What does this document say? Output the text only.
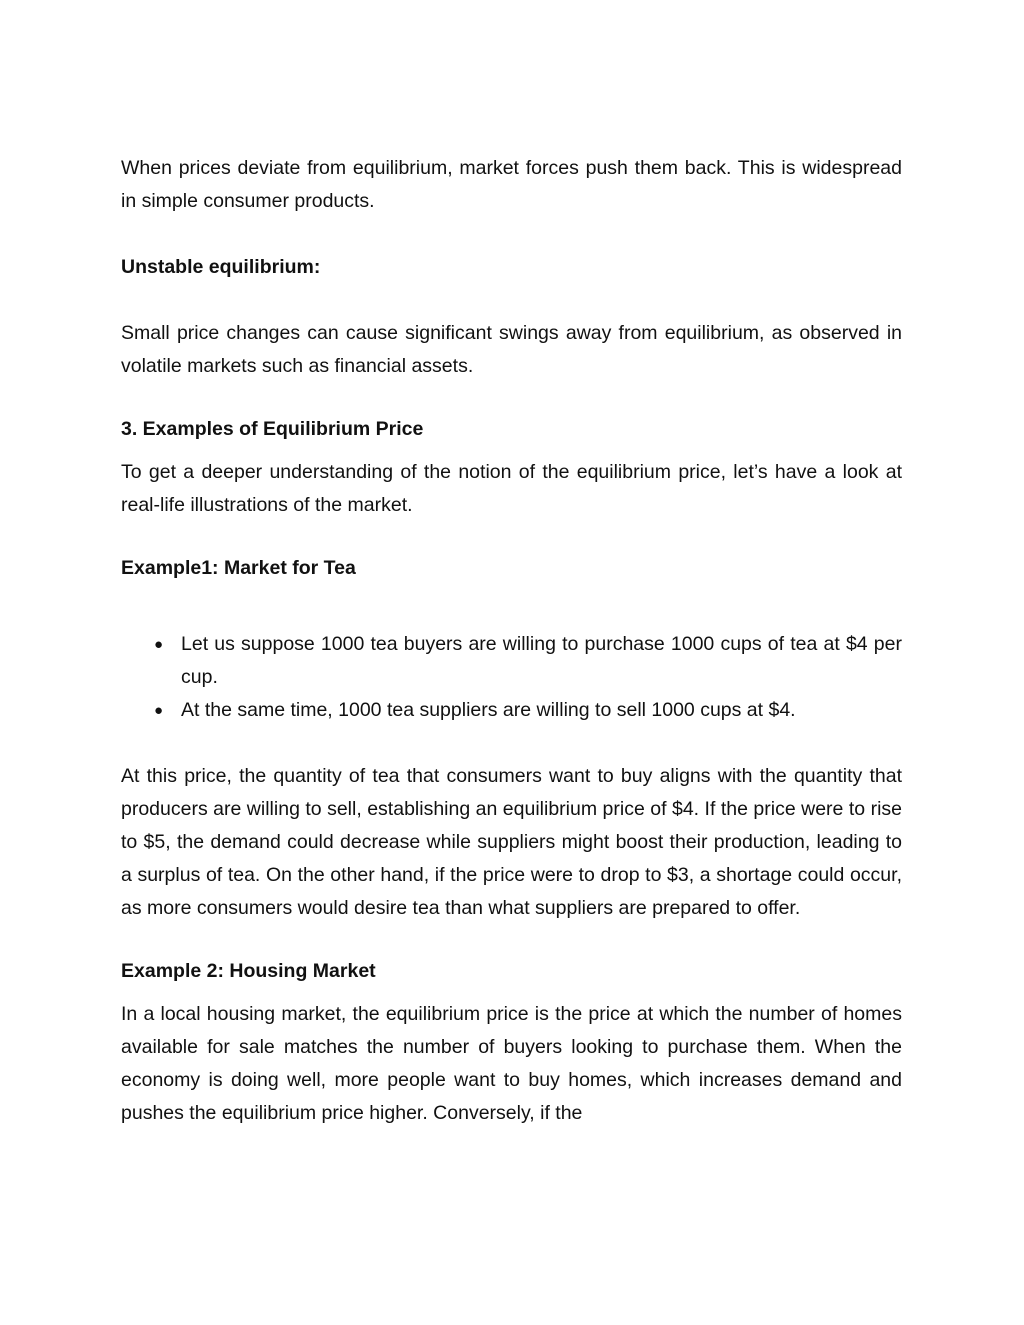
When prices deviate from equilibrium, market forces push them back. This is widespread in simple consumer products.

Unstable equilibrium:

Small price changes can cause significant swings away from equilibrium, as observed in volatile markets such as financial assets.

3. Examples of Equilibrium Price

To get a deeper understanding of the notion of the equilibrium price, let’s have a look at real-life illustrations of the market.

Example1: Market for Tea

● Let us suppose 1000 tea buyers are willing to purchase 1000 cups of tea at $4 per cup.
● At the same time, 1000 tea suppliers are willing to sell 1000 cups at $4.

At this price, the quantity of tea that consumers want to buy aligns with the quantity that producers are willing to sell, establishing an equilibrium price of $4. If the price were to rise to $5, the demand could decrease while suppliers might boost their production, leading to a surplus of tea. On the other hand, if the price were to drop to $3, a shortage could occur, as more consumers would desire tea than what suppliers are prepared to offer.

Example 2: Housing Market

In a local housing market, the equilibrium price is the price at which the number of homes available for sale matches the number of buyers looking to purchase them. When the economy is doing well, more people want to buy homes, which increases demand and pushes the equilibrium price higher. Conversely, if the
